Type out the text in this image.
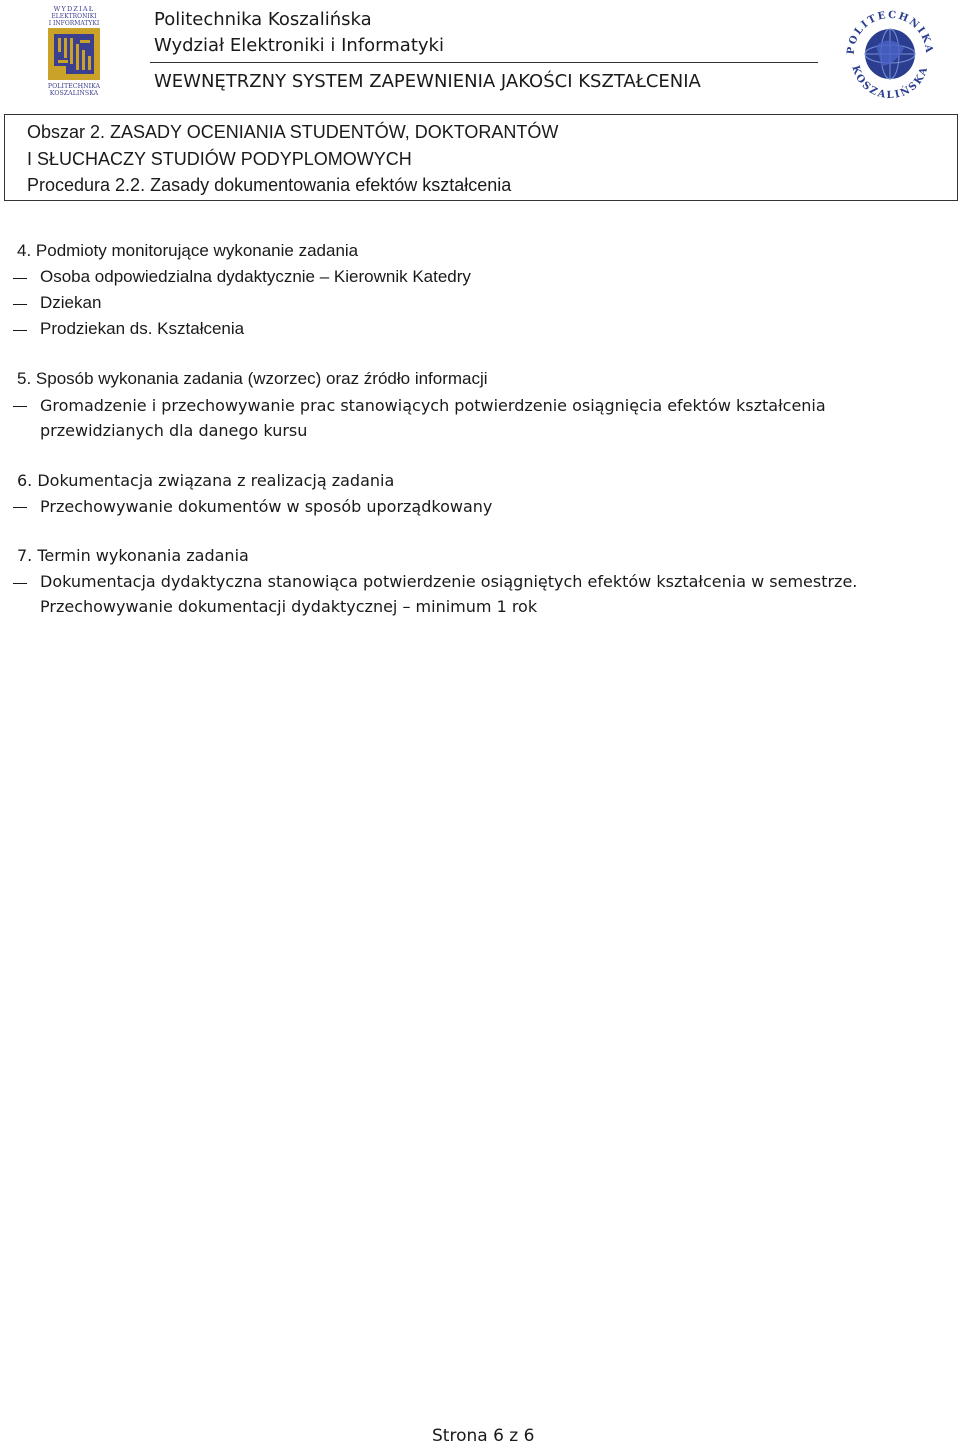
WYDZIAŁ
ELEKTRONIKI
I INFORMATYKI
POLITECHNIKA
KOSZALIŃSKA
Politechnika Koszalińska
Wydział Elektroniki i Informatyki
WEWNĘTRZNY SYSTEM ZAPEWNIENIA JAKOŚCI KSZTAŁCENIA
POLITECHNIKA
KOSZALIŃSKA
Obszar 2. ZASADY OCENIANIA STUDENTÓW, DOKTORANTÓW
I SŁUCHACZY STUDIÓW PODYPLOMOWYCH
Procedura 2.2. Zasady dokumentowania efektów kształcenia
4. Podmioty monitorujące wykonanie zadania
Osoba odpowiedzialna dydaktycznie – Kierownik Katedry
Dziekan
Prodziekan ds. Kształcenia
5. Sposób wykonania zadania (wzorzec) oraz źródło informacji
Gromadzenie i przechowywanie prac stanowiących potwierdzenie osiągnięcia efektów kształcenia
przewidzianych dla danego kursu
6. Dokumentacja związana z realizacją zadania
Przechowywanie dokumentów w sposób uporządkowany
7. Termin wykonania zadania
Dokumentacja dydaktyczna stanowiąca potwierdzenie osiągniętych efektów kształcenia w semestrze.
Przechowywanie dokumentacji dydaktycznej – minimum 1 rok
Strona 6 z 6
